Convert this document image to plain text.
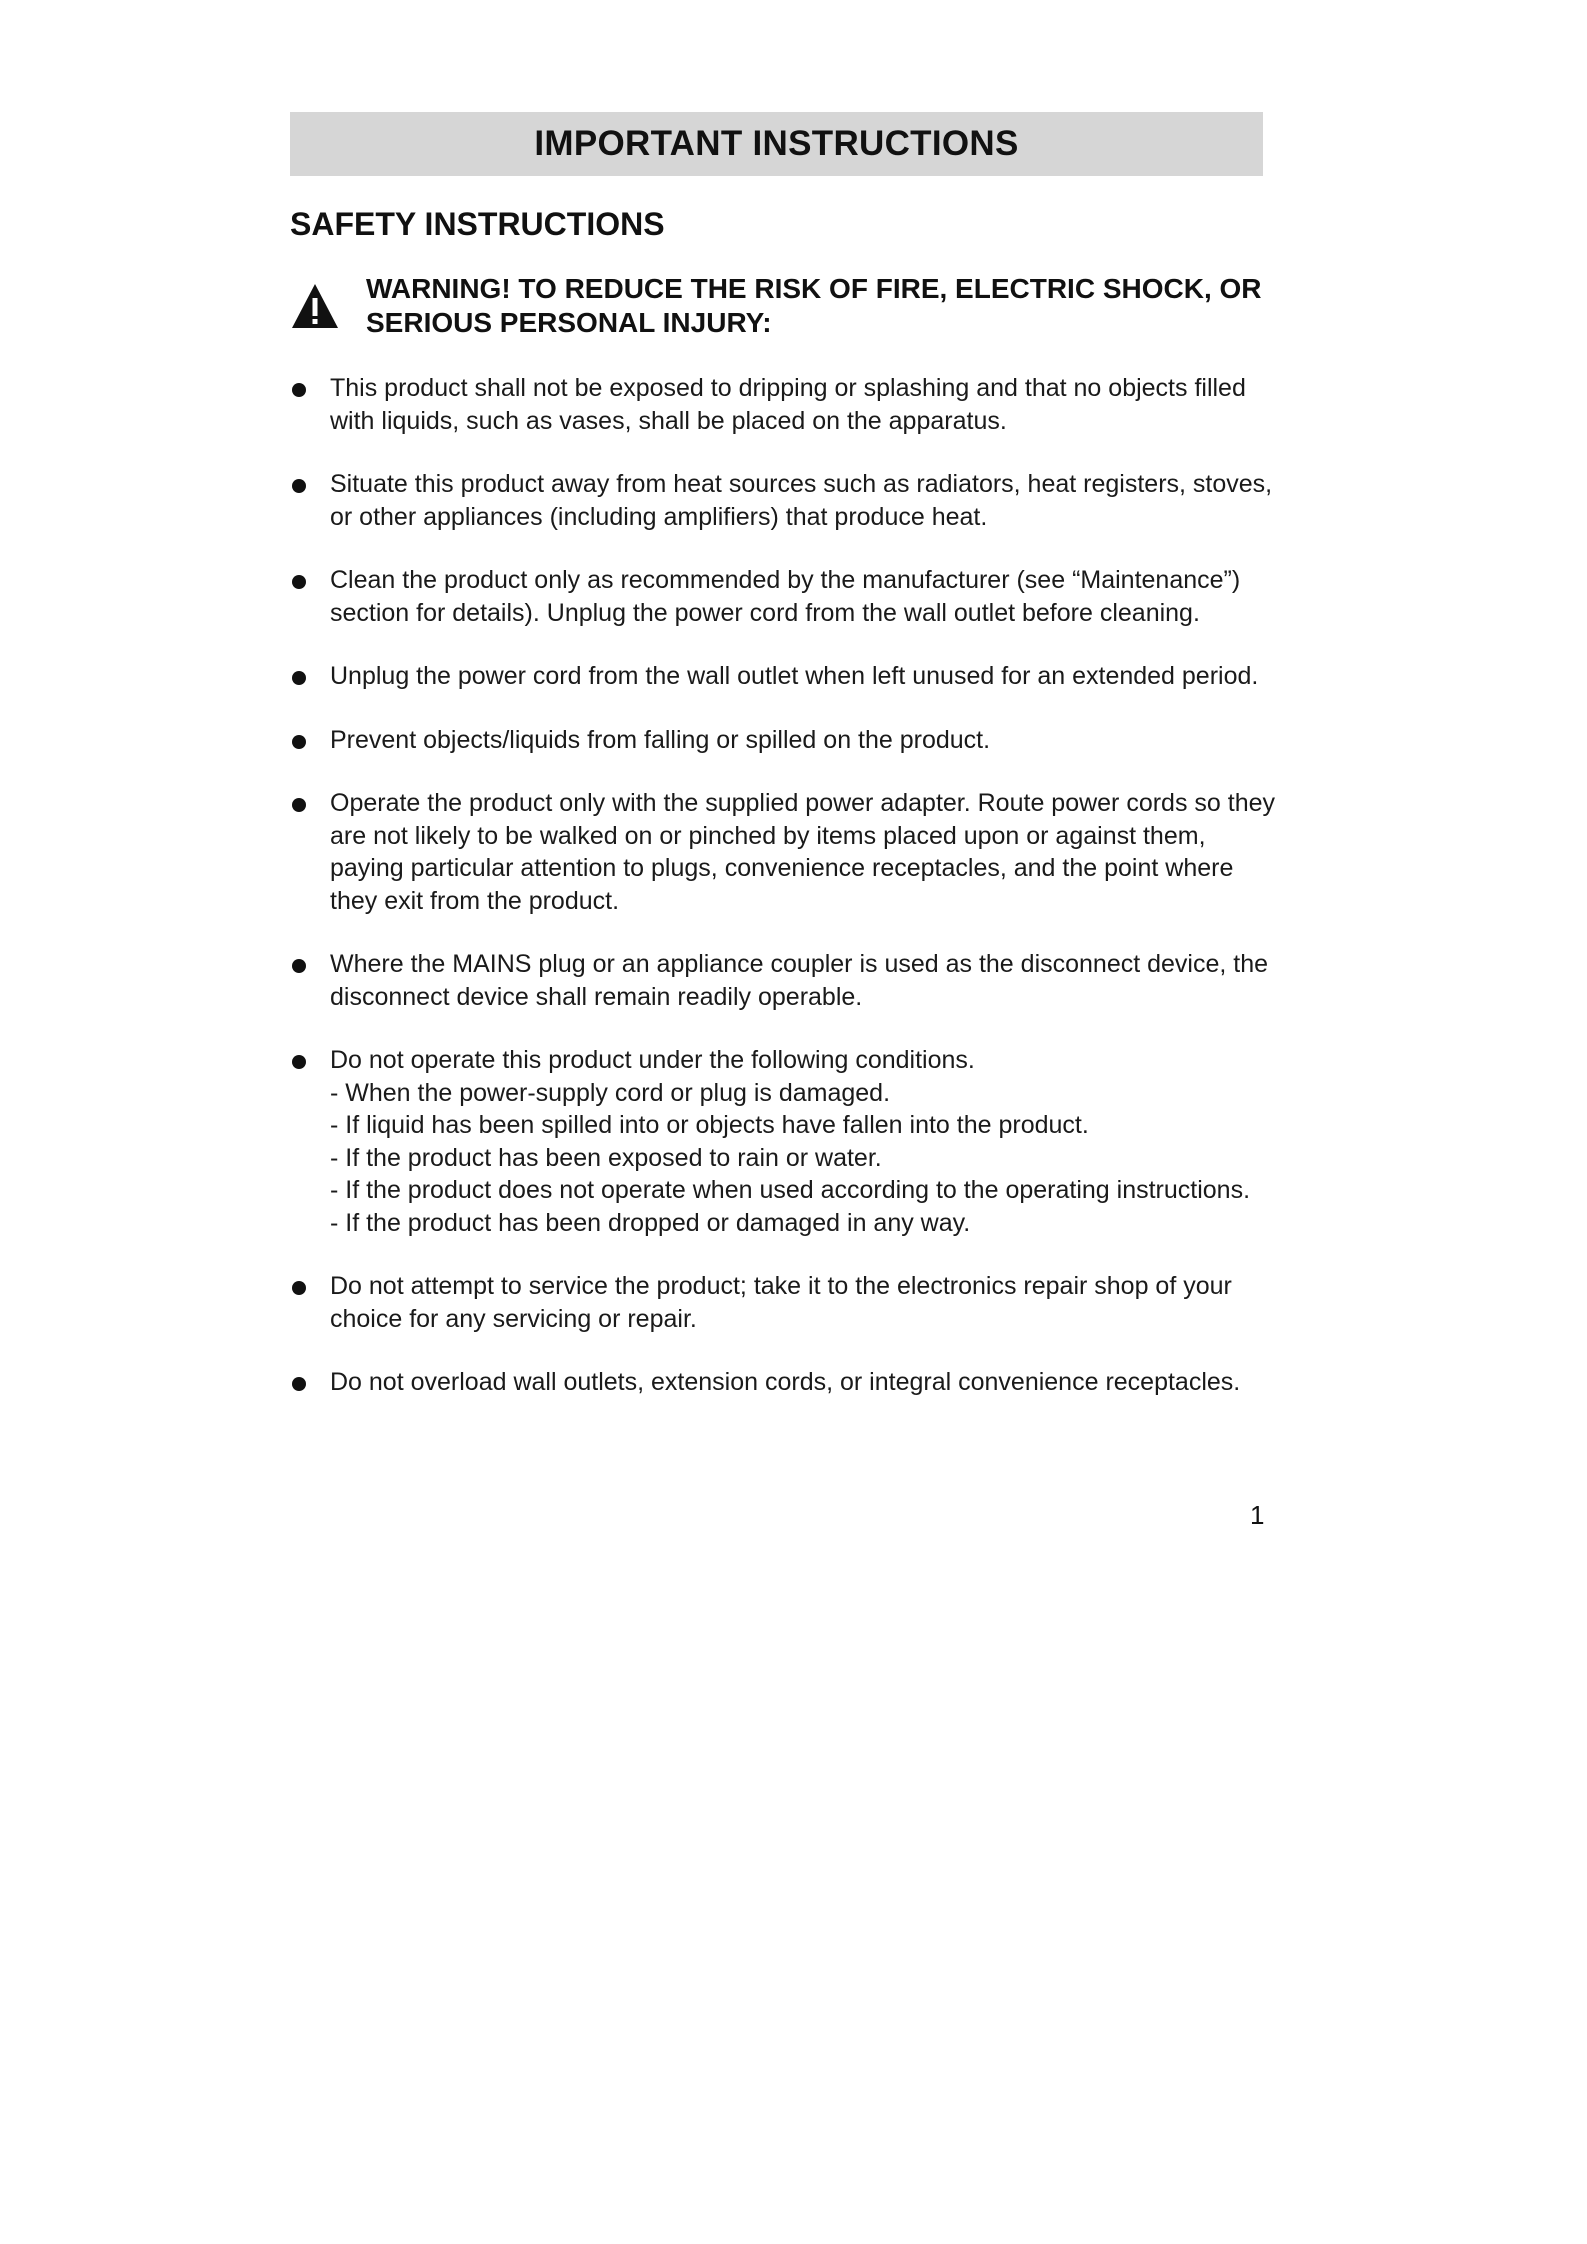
IMPORTANT INSTRUCTIONS
SAFETY INSTRUCTIONS
WARNING! TO REDUCE THE RISK OF FIRE, ELECTRIC SHOCK, OR SERIOUS PERSONAL INJURY:
This product shall not be exposed to dripping or splashing and that no objects filled with liquids, such as vases, shall be placed on the apparatus.
Situate this product away from heat sources such as radiators, heat registers, stoves, or other appliances (including amplifiers) that produce heat.
Clean the product only as recommended by the manufacturer (see “Maintenance”) section for details). Unplug the power cord from the wall outlet before cleaning.
Unplug the power cord from the wall outlet when left unused for an extended period.
Prevent objects/liquids from falling or spilled on the product.
Operate the product only with the supplied power adapter. Route power cords so they are not likely to be walked on or pinched by items placed upon or against them, paying particular attention to plugs, convenience receptacles, and the point where they exit from the product.
Where the MAINS plug or an appliance coupler is used as the disconnect device, the disconnect device shall remain readily operable.
Do not operate this product under the following conditions.
- When the power-supply cord or plug is damaged.
- If liquid has been spilled into or objects have fallen into the product.
- If the product has been exposed to rain or water.
- If the product does not operate when used according to the operating instructions.
- If the product has been dropped or damaged in any way.
Do not attempt to service the product; take it to the electronics repair shop of your choice for any servicing or repair.
Do not overload wall outlets, extension cords, or integral convenience receptacles.
1
